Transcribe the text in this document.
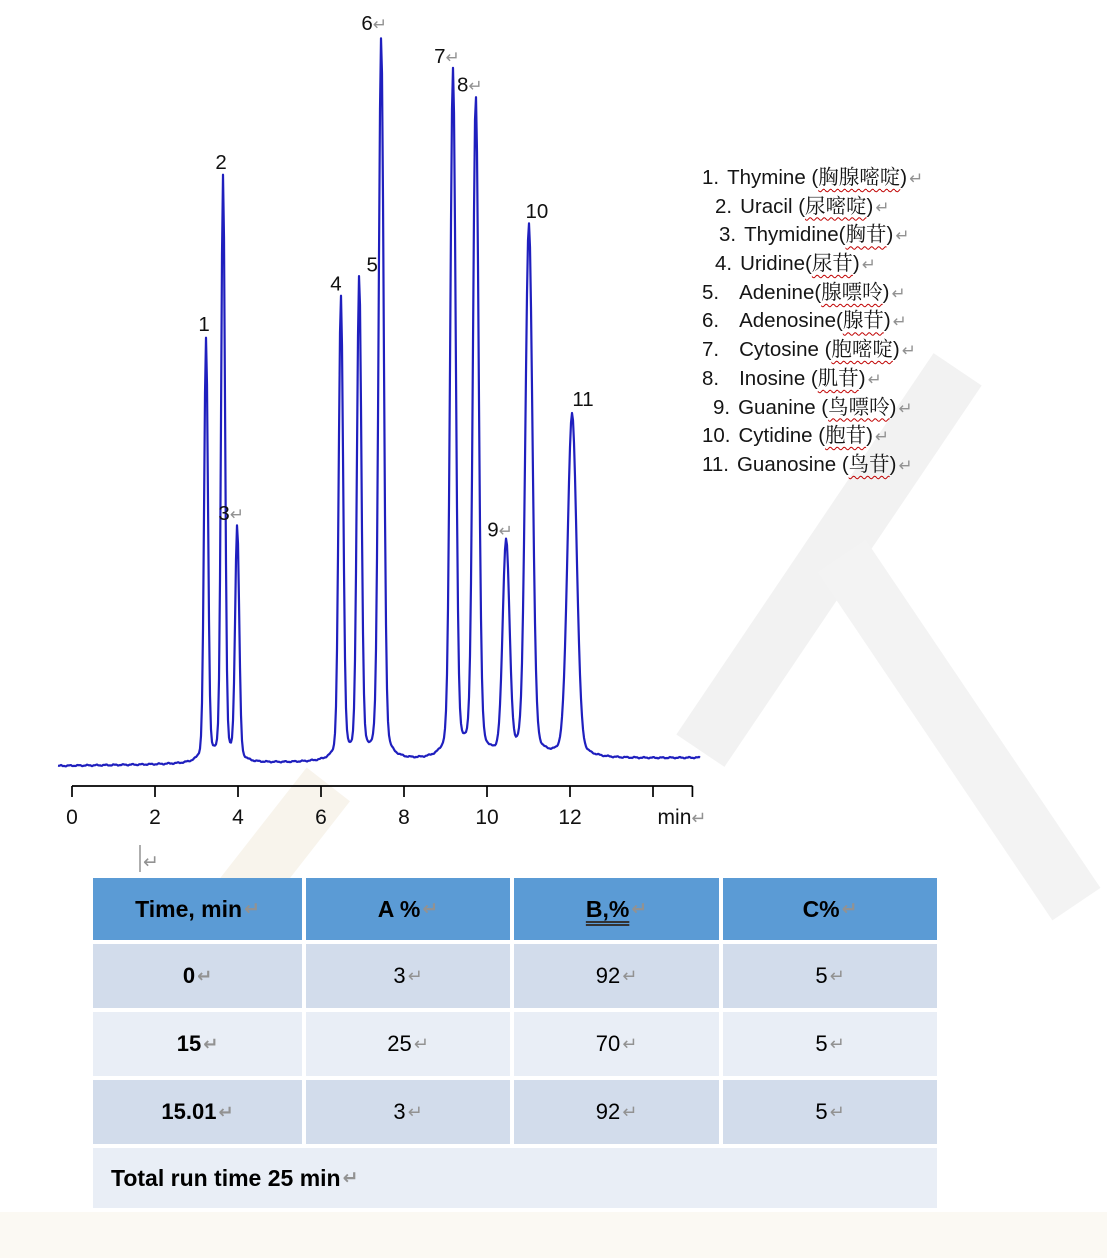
0	2	4	6	8	10	12	min↵
1
2
3↵
4
5
6↵
7↵
8↵
9↵
10
11
↵
1. Thymine (胸腺嘧啶) ↵
2. Uracil (尿嘧啶) ↵
3. Thymidine(胸苷) ↵
4. Uridine(尿苷) ↵
5. Adenine(腺嘌呤) ↵
6. Adenosine(腺苷) ↵
7. Cytosine (胞嘧啶) ↵
8. Inosine (肌苷) ↵
9. Guanine (鸟嘌呤) ↵
10. Cytidine (胞苷) ↵
11. Guanosine (鸟苷) ↵
Time, min ↵	A % ↵	B,% ↵	C% ↵
0 ↵	3 ↵	92 ↵	5 ↵
15 ↵	25 ↵	70 ↵	5 ↵
15.01 ↵	3 ↵	92 ↵	5 ↵
Total run time 25 min ↵
